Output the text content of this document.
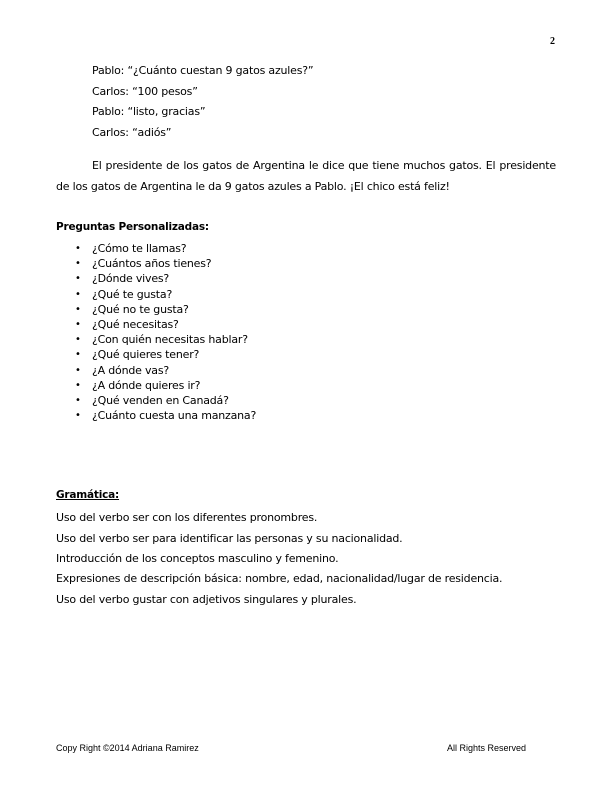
2

Pablo: “¿Cuánto cuestan 9 gatos azules?”

Carlos: “100 pesos”

Pablo: “listo, gracias”

Carlos: “adiós”

El presidente de los gatos de Argentina le dice que tiene muchos gatos. El presidente de los gatos de Argentina le da 9 gatos azules a Pablo. ¡El chico está feliz!

Preguntas Personalizadas:

• ¿Cómo te llamas?
• ¿Cuántos años tienes?
• ¿Dónde vives?
• ¿Qué te gusta?
• ¿Qué no te gusta?
• ¿Qué necesitas?
• ¿Con quién necesitas hablar?
• ¿Qué quieres tener?
• ¿A dónde vas?
• ¿A dónde quieres ir?
• ¿Qué venden en Canadá?
• ¿Cuánto cuesta una manzana?

Gramática:

Uso del verbo ser con los diferentes pronombres.

Uso del verbo ser para identificar las personas y su nacionalidad.

Introducción de los conceptos masculino y femenino.

Expresiones de descripción básica: nombre, edad, nacionalidad/lugar de residencia.

Uso del verbo gustar con adjetivos singulares y plurales.

Copy Right ©2014 Adriana Ramirez	All Rights Reserved
